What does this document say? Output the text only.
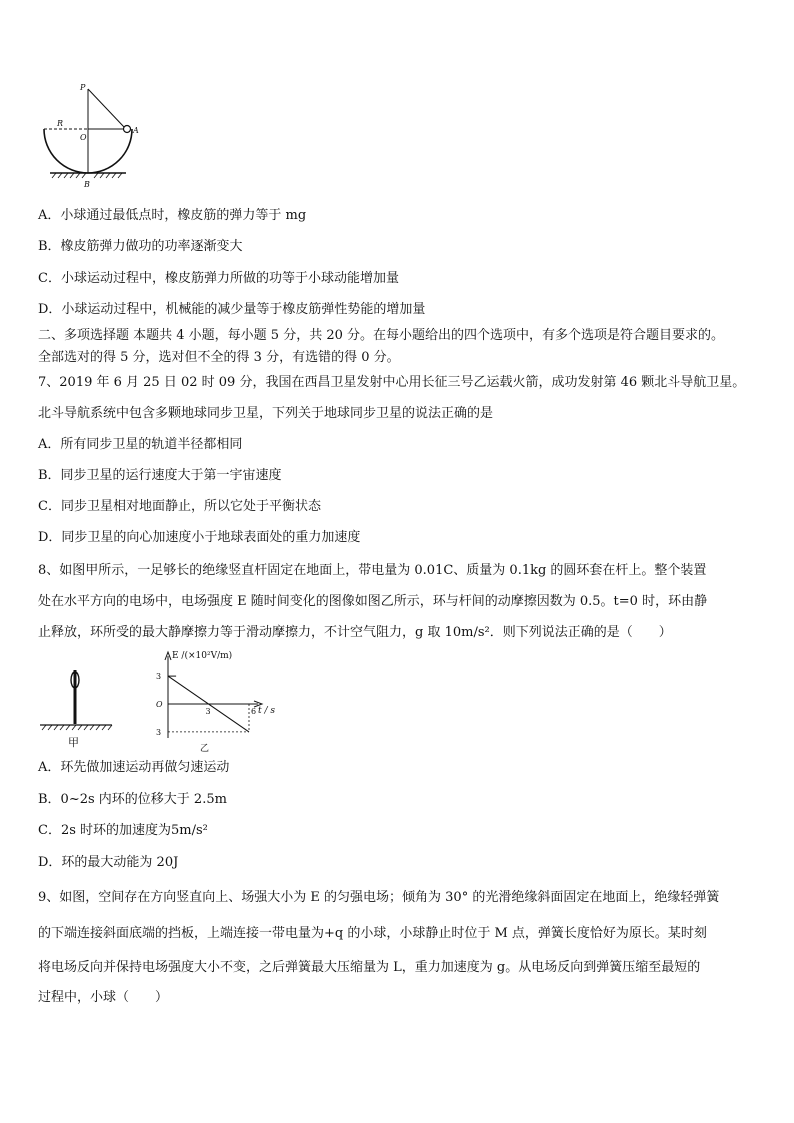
P
R
O
A
B
A．小球通过最低点时，橡皮筋的弹力等于 mg
B．橡皮筋弹力做功的功率逐渐变大
C．小球运动过程中，橡皮筋弹力所做的功等于小球动能增加量
D．小球运动过程中，机械能的减少量等于橡皮筋弹性势能的增加量
二、多项选择题 本题共 4 小题，每小题 5 分，共 20 分。在每小题给出的四个选项中，有多个选项是符合题目要求的。
全部选对的得 5 分，选对但不全的得 3 分，有选错的得 0 分。
7、2019 年 6 月 25 日 02 时 09 分，我国在西昌卫星发射中心用长征三号乙运载火箭，成功发射第 46 颗北斗导航卫星。
北斗导航系统中包含多颗地球同步卫星，下列关于地球同步卫星的说法正确的是
A．所有同步卫星的轨道半径都相同
B．同步卫星的运行速度大于第一宇宙速度
C．同步卫星相对地面静止，所以它处于平衡状态
D．同步卫星的向心加速度小于地球表面处的重力加速度
8、如图甲所示，一足够长的绝缘竖直杆固定在地面上，带电量为 0.01C、质量为 0.1kg 的圆环套在杆上。整个装置
处在水平方向的电场中，电场强度 E 随时间变化的图像如图乙所示，环与杆间的动摩擦因数为 0.5。t=0 时，环由静
止释放，环所受的最大静摩擦力等于滑动摩擦力，不计空气阻力，g 取 10m/s²．则下列说法正确的是（　　）
甲
E /(×10²V/m)
t / s
O
3
3
3	6
乙
A．环先做加速运动再做匀速运动
B．0~2s 内环的位移大于 2.5m
C．2s 时环的加速度为5m/s²
D．环的最大动能为 20J
9、如图，空间存在方向竖直向上、场强大小为 E 的匀强电场；倾角为 30° 的光滑绝缘斜面固定在地面上，绝缘轻弹簧
的下端连接斜面底端的挡板，上端连接一带电量为+q 的小球，小球静止时位于 M 点，弹簧长度恰好为原长。某时刻
将电场反向并保持电场强度大小不变，之后弹簧最大压缩量为 L，重力加速度为 g。从电场反向到弹簧压缩至最短的
过程中，小球（　　）
